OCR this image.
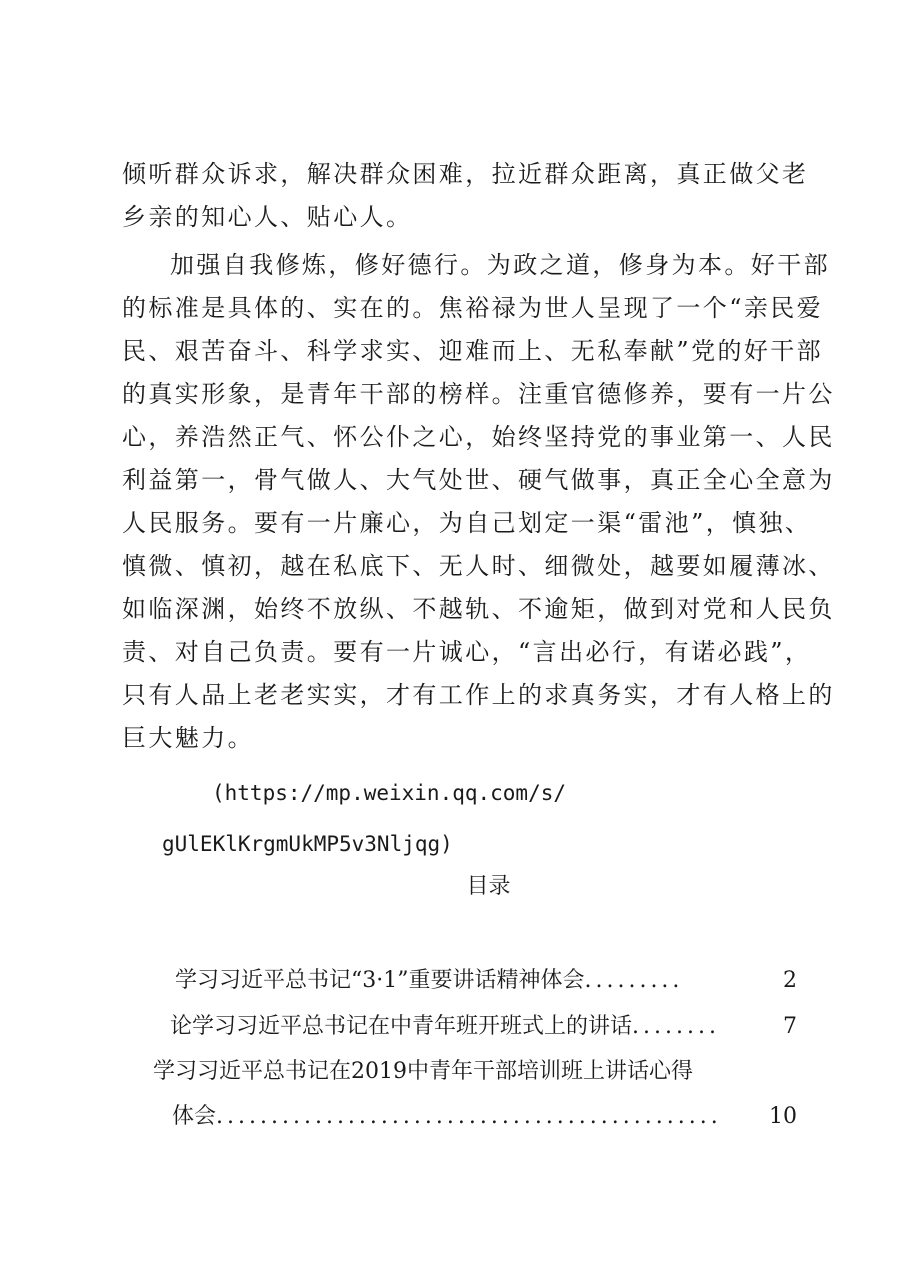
倾听群众诉求，解决群众困难，拉近群众距离，真正做父老

乡亲的知心人、贴心人。

加强自我修炼，修好德行。为政之道，修身为本。好干部

的标准是具体的、实在的。焦裕禄为世人呈现了一个“亲民爱

民、艰苦奋斗、科学求实、迎难而上、无私奉献”党的好干部

的真实形象，是青年干部的榜样。注重官德修养，要有一片公

心，养浩然正气、怀公仆之心，始终坚持党的事业第一、人民

利益第一，骨气做人、大气处世、硬气做事，真正全心全意为

人民服务。要有一片廉心，为自己划定一渠“雷池”，慎独、

慎微、慎初，越在私底下、无人时、细微处，越要如履薄冰、

如临深渊，始终不放纵、不越轨、不逾矩，做到对党和人民负

责、对自己负责。要有一片诚心，“言出必行，有诺必践”，

只有人品上老老实实，才有工作上的求真务实，才有人格上的

巨大魅力。

(https://mp.weixin.qq.com/s/

gUlEKlKrgmUkMP5v3Nljqg)

目录

学习习近平总书记“3·1”重要讲话精神体会 .........	2
论学习习近平总书记在中青年班开班式上的讲话 ........	7
学习习近平总书记在2019中青年干部培训班上讲话心得
体会 ..............................................	10
